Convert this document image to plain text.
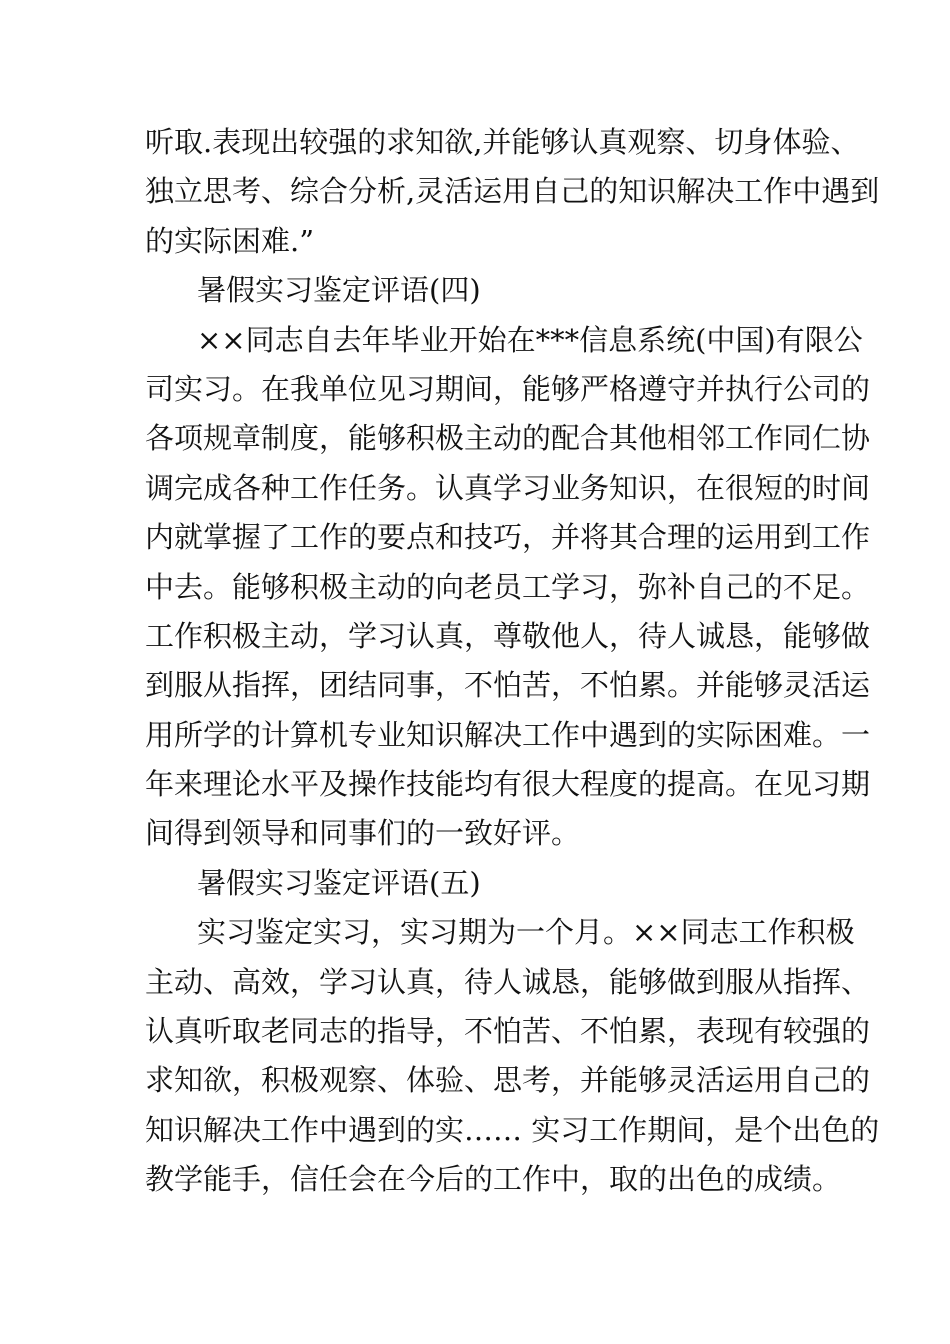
听取.表现出较强的求知欲,并能够认真观察、切身体验、
独立思考、综合分析,灵活运用自己的知识解决工作中遇到
的实际困难.”
暑假实习鉴定评语(四)
××同志自去年毕业开始在***信息系统(中国)有限公
司实习。在我单位见习期间，能够严格遵守并执行公司的
各项规章制度，能够积极主动的配合其他相邻工作同仁协
调完成各种工作任务。认真学习业务知识，在很短的时间
内就掌握了工作的要点和技巧，并将其合理的运用到工作
中去。能够积极主动的向老员工学习，弥补自己的不足。
工作积极主动，学习认真，尊敬他人，待人诚恳，能够做
到服从指挥，团结同事，不怕苦，不怕累。并能够灵活运
用所学的计算机专业知识解决工作中遇到的实际困难。一
年来理论水平及操作技能均有很大程度的提高。在见习期
间得到领导和同事们的一致好评。
暑假实习鉴定评语(五)
实习鉴定实习，实习期为一个月。××同志工作积极
主动、高效，学习认真，待人诚恳，能够做到服从指挥、
认真听取老同志的指导，不怕苦、不怕累，表现有较强的
求知欲，积极观察、体验、思考，并能够灵活运用自己的
知识解决工作中遇到的实…… 实习工作期间，是个出色的
教学能手，信任会在今后的工作中，取的出色的成绩。
